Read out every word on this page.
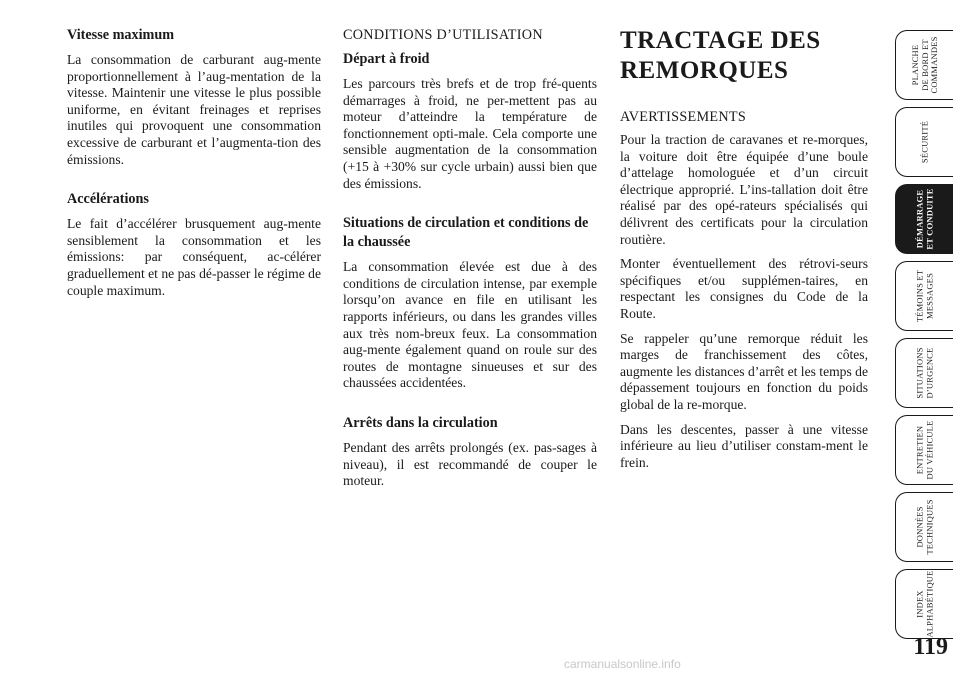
Vitesse maximum

La consommation de carburant aug-mente proportionnellement à l’aug-mentation de la vitesse. Maintenir une vitesse le plus possible uniforme, en évitant freinages et reprises inutiles qui provoquent une consommation excessive de carburant et l’augmenta-tion des émissions.

Accélérations

Le fait d’accélérer brusquement aug-mente sensiblement la consommation et les émissions: par conséquent, ac-célérer graduellement et ne pas dé-passer le régime de couple maximum.

CONDITIONS D’UTILISATION
Départ à froid

Les parcours très brefs et de trop fré-quents démarrages à froid, ne per-mettent pas au moteur d’atteindre la température de fonctionnement opti-male. Cela comporte une sensible augmentation de la consommation (+15 à +30% sur cycle urbain) aussi bien que des émissions.

Situations de circulation et conditions de la chaussée

La consommation élevée est due à des conditions de circulation intense, par exemple lorsqu’on avance en file en utilisant les rapports inférieurs, ou dans les grandes villes aux très nom-breux feux. La consommation aug-mente également quand on roule sur des routes de montagne sinueuses et sur des chaussées accidentées.

Arrêts dans la circulation

Pendant des arrêts prolongés (ex. pas-sages à niveau), il est recommandé de couper le moteur.

TRACTAGE DES
REMORQUES
AVERTISSEMENTS

Pour la traction de caravanes et re-morques, la voiture doit être équipée d’une boule d’attelage homologuée et d’un circuit électrique approprié. L’ins-tallation doit être réalisé par des opé-rateurs spécialisés qui délivrent des certificats pour la circulation routière.

Monter éventuellement des rétrovi-seurs spécifiques et/ou supplémen-taires, en respectant les consignes du Code de la Route.

Se rappeler qu’une remorque réduit les marges de franchissement des côtes, augmente les distances d’arrêt et les temps de dépassement toujours en fonction du poids global de la re-morque.

Dans les descentes, passer à une vitesse inférieure au lieu d’utiliser constam-ment le frein.

PLANCHE
DE BORD ET
COMMANDES
SÉCURITÉ
DÉMARRAGE
ET CONDUITE
TÉMOINS ET
MESSAGES
SITUATIONS
D’URGENCE
ENTRETIEN
DU VÉHICULE
DONNÉES
TECHNIQUES
INDEX
ALPHABÉTIQUE
119
carmanualsonline.info
